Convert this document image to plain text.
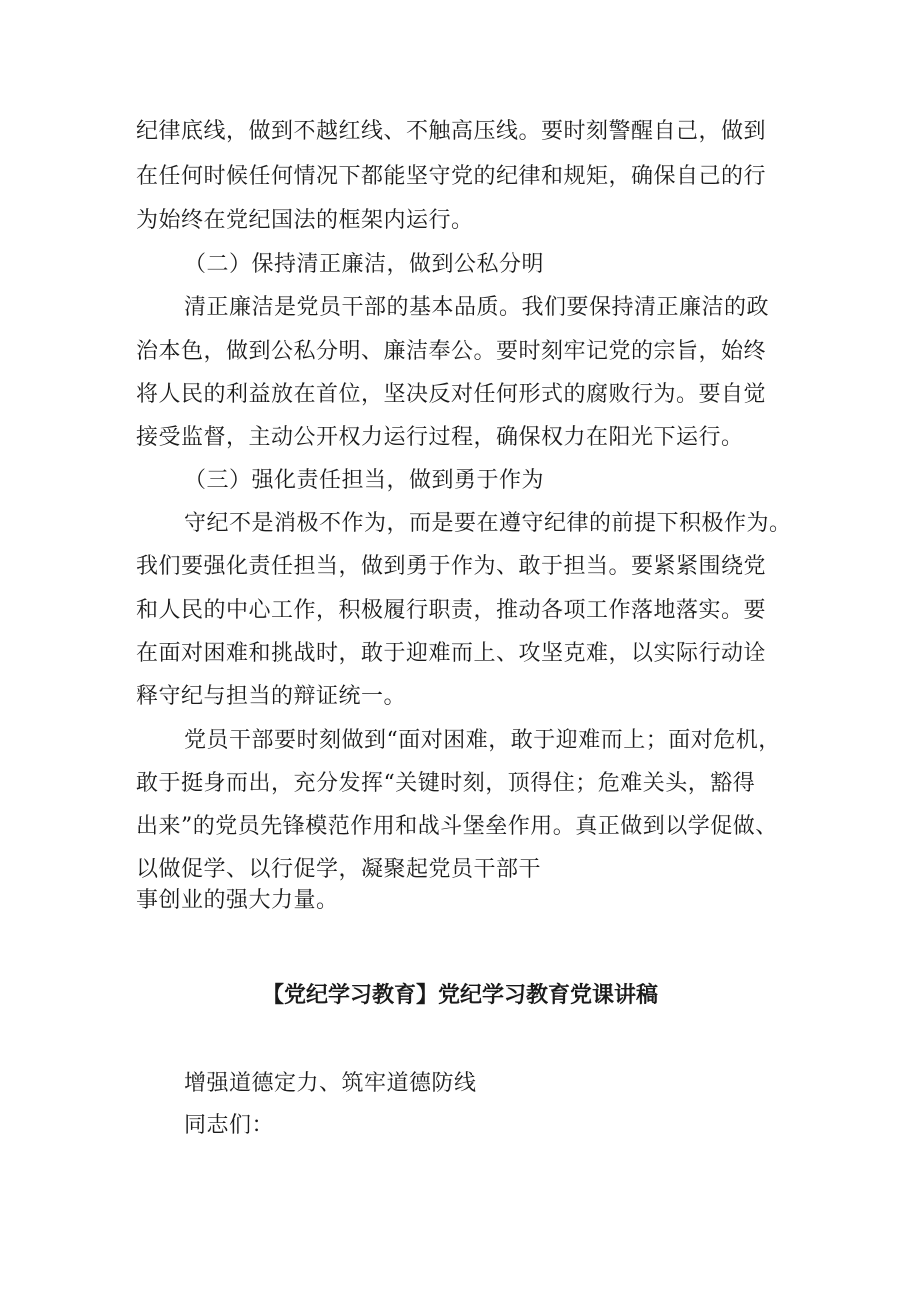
纪律底线，做到不越红线、不触高压线。要时刻警醒自己，做到

在任何时候任何情况下都能坚守党的纪律和规矩，确保自己的行

为始终在党纪国法的框架内运行。

（二）保持清正廉洁，做到公私分明

清正廉洁是党员干部的基本品质。我们要保持清正廉洁的政

治本色，做到公私分明、廉洁奉公。要时刻牢记党的宗旨，始终

将人民的利益放在首位，坚决反对任何形式的腐败行为。要自觉

接受监督，主动公开权力运行过程，确保权力在阳光下运行。

（三）强化责任担当，做到勇于作为

守纪不是消极不作为，而是要在遵守纪律的前提下积极作为。

我们要强化责任担当，做到勇于作为、敢于担当。要紧紧围绕党

和人民的中心工作，积极履行职责，推动各项工作落地落实。要

在面对困难和挑战时，敢于迎难而上、攻坚克难，以实际行动诠

释守纪与担当的辩证统一。

党员干部要时刻做到“面对困难，敢于迎难而上；面对危机，

敢于挺身而出，充分发挥“关键时刻，顶得住；危难关头，豁得

出来”的党员先锋模范作用和战斗堡垒作用。真正做到以学促做、

以做促学、以行促学，凝聚起党员干部干

事创业的强大力量。

【党纪学习教育】党纪学习教育党课讲稿

增强道德定力、筑牢道德防线

同志们：
